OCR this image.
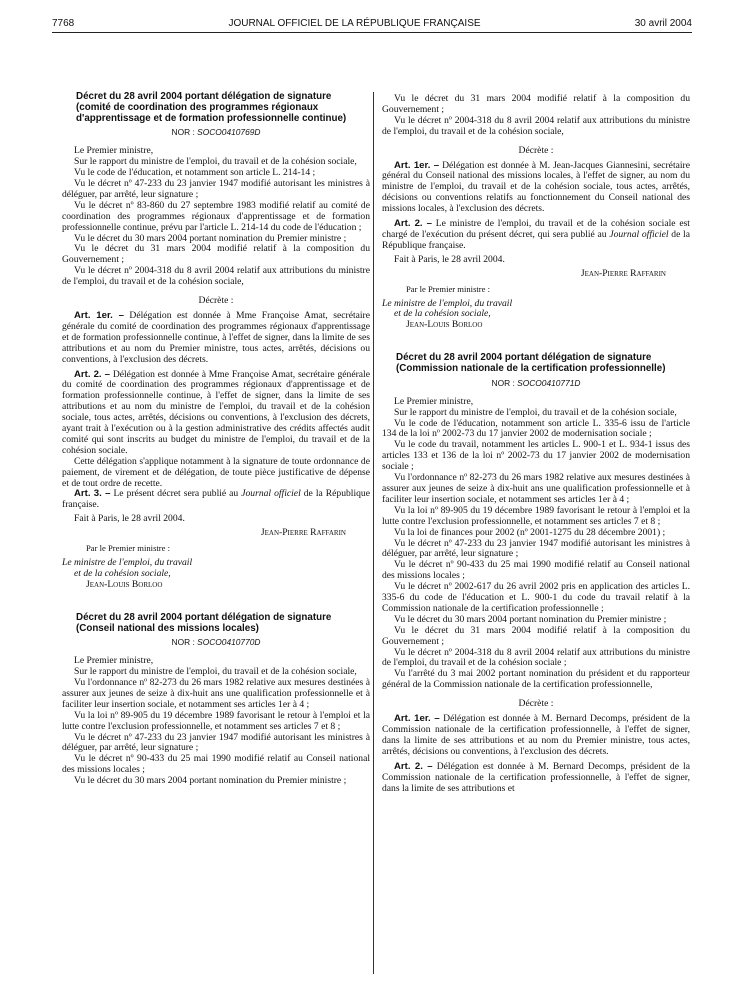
7768	JOURNAL OFFICIEL DE LA RÉPUBLIQUE FRANÇAISE	30 avril 2004

Décret du 28 avril 2004 portant délégation de signature (comité de coordination des programmes régionaux d'apprentissage et de formation professionnelle continue)

NOR : SOCO0410769D

Le Premier ministre,

Sur le rapport du ministre de l'emploi, du travail et de la cohésion sociale,

Vu le code de l'éducation, et notamment son article L. 214-14 ;

Vu le décret nº 47-233 du 23 janvier 1947 modifié autorisant les ministres à déléguer, par arrêté, leur signature ;

Vu le décret nº 83-860 du 27 septembre 1983 modifié relatif au comité de coordination des programmes régionaux d'apprentissage et de formation professionnelle continue, prévu par l'article L. 214-14 du code de l'éducation ;

Vu le décret du 30 mars 2004 portant nomination du Premier ministre ;

Vu le décret du 31 mars 2004 modifié relatif à la composition du Gouvernement ;

Vu le décret nº 2004-318 du 8 avril 2004 relatif aux attributions du ministre de l'emploi, du travail et de la cohésion sociale,

Décrète :

Art. 1er. – Délégation est donnée à Mme Françoise Amat, secrétaire générale du comité de coordination des programmes régionaux d'apprentissage et de formation professionnelle continue, à l'effet de signer, dans la limite de ses attributions et au nom du Premier ministre, tous actes, arrêtés, décisions ou conventions, à l'exclusion des décrets.

Art. 2. – Délégation est donnée à Mme Françoise Amat, secrétaire générale du comité de coordination des programmes régionaux d'apprentissage et de formation professionnelle continue, à l'effet de signer, dans la limite de ses attributions et au nom du ministre de l'emploi, du travail et de la cohésion sociale, tous actes, arrêtés, décisions ou conventions, à l'exclusion des décrets, ayant trait à l'exécution ou à la gestion administrative des crédits affectés audit comité qui sont inscrits au budget du ministre de l'emploi, du travail et de la cohésion sociale.

Cette délégation s'applique notamment à la signature de toute ordonnance de paiement, de virement et de délégation, de toute pièce justificative de dépense et de tout ordre de recette.

Art. 3. – Le présent décret sera publié au Journal officiel de la République française.

Fait à Paris, le 28 avril 2004.

Jean-Pierre Raffarin

Par le Premier ministre :

Le ministre de l'emploi, du travail

et de la cohésion sociale,

Jean-Louis Borloo

Décret du 28 avril 2004 portant délégation de signature (Conseil national des missions locales)

NOR : SOCO0410770D

Le Premier ministre,

Sur le rapport du ministre de l'emploi, du travail et de la cohésion sociale,

Vu l'ordonnance nº 82-273 du 26 mars 1982 relative aux mesures destinées à assurer aux jeunes de seize à dix-huit ans une qualification professionnelle et à faciliter leur insertion sociale, et notamment ses articles 1er à 4 ;

Vu la loi nº 89-905 du 19 décembre 1989 favorisant le retour à l'emploi et la lutte contre l'exclusion professionnelle, et notamment ses articles 7 et 8 ;

Vu le décret nº 47-233 du 23 janvier 1947 modifié autorisant les ministres à déléguer, par arrêté, leur signature ;

Vu le décret nº 90-433 du 25 mai 1990 modifié relatif au Conseil national des missions locales ;

Vu le décret du 30 mars 2004 portant nomination du Premier ministre ;

Vu le décret du 31 mars 2004 modifié relatif à la composition du Gouvernement ;

Vu le décret nº 2004-318 du 8 avril 2004 relatif aux attributions du ministre de l'emploi, du travail et de la cohésion sociale,

Décrète :

Art. 1er. – Délégation est donnée à M. Jean-Jacques Giannesini, secrétaire général du Conseil national des missions locales, à l'effet de signer, au nom du ministre de l'emploi, du travail et de la cohésion sociale, tous actes, arrêtés, décisions ou conventions relatifs au fonctionnement du Conseil national des missions locales, à l'exclusion des décrets.

Art. 2. – Le ministre de l'emploi, du travail et de la cohésion sociale est chargé de l'exécution du présent décret, qui sera publié au Journal officiel de la République française.

Fait à Paris, le 28 avril 2004.

Jean-Pierre Raffarin

Par le Premier ministre :

Le ministre de l'emploi, du travail

et de la cohésion sociale,

Jean-Louis Borloo

Décret du 28 avril 2004 portant délégation de signature (Commission nationale de la certification professionnelle)

NOR : SOCO0410771D

Le Premier ministre,

Sur le rapport du ministre de l'emploi, du travail et de la cohésion sociale,

Vu le code de l'éducation, notamment son article L. 335-6 issu de l'article 134 de la loi nº 2002-73 du 17 janvier 2002 de modernisation sociale ;

Vu le code du travail, notamment les articles L. 900-1 et L. 934-1 issus des articles 133 et 136 de la loi nº 2002-73 du 17 janvier 2002 de modernisation sociale ;

Vu l'ordonnance nº 82-273 du 26 mars 1982 relative aux mesures destinées à assurer aux jeunes de seize à dix-huit ans une qualification professionnelle et à faciliter leur insertion sociale, et notamment ses articles 1er à 4 ;

Vu la loi nº 89-905 du 19 décembre 1989 favorisant le retour à l'emploi et la lutte contre l'exclusion professionnelle, et notamment ses articles 7 et 8 ;

Vu la loi de finances pour 2002 (nº 2001-1275 du 28 décembre 2001) ;

Vu le décret nº 47-233 du 23 janvier 1947 modifié autorisant les ministres à déléguer, par arrêté, leur signature ;

Vu le décret nº 90-433 du 25 mai 1990 modifié relatif au Conseil national des missions locales ;

Vu le décret nº 2002-617 du 26 avril 2002 pris en application des articles L. 335-6 du code de l'éducation et L. 900-1 du code du travail relatif à la Commission nationale de la certification professionnelle ;

Vu le décret du 30 mars 2004 portant nomination du Premier ministre ;

Vu le décret du 31 mars 2004 modifié relatif à la composition du Gouvernement ;

Vu le décret nº 2004-318 du 8 avril 2004 relatif aux attributions du ministre de l'emploi, du travail et de la cohésion sociale ;

Vu l'arrêté du 3 mai 2002 portant nomination du président et du rapporteur général de la Commission nationale de la certification professionnelle,

Décrète :

Art. 1er. – Délégation est donnée à M. Bernard Decomps, président de la Commission nationale de la certification professionnelle, à l'effet de signer, dans la limite de ses attributions et au nom du Premier ministre, tous actes, arrêtés, décisions ou conventions, à l'exclusion des décrets.

Art. 2. – Délégation est donnée à M. Bernard Decomps, président de la Commission nationale de la certification professionnelle, à l'effet de signer, dans la limite de ses attributions et
